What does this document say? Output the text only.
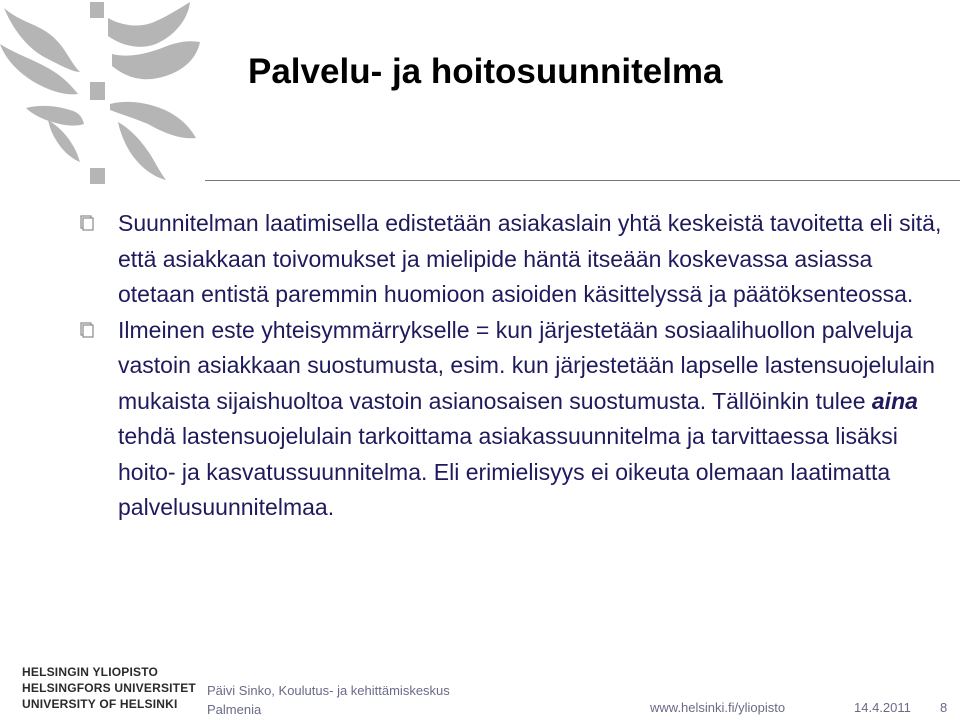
Palvelu- ja hoitosuunnitelma
Suunnitelman laatimisella edistetään asiakaslain yhtä keskeistä tavoitetta eli sitä, että asiakkaan toivomukset ja mielipide häntä itseään koskevassa asiassa otetaan entistä paremmin huomioon asioiden käsittelyssä ja päätöksenteossa.
Ilmeinen este yhteisymmärrykselle = kun järjestetään sosiaalihuollon palveluja vastoin asiakkaan suostumusta, esim. kun järjestetään lapselle lastensuojelulain mukaista sijaishuoltoa vastoin asianosaisen suostumusta. Tällöinkin tulee aina tehdä lastensuojelulain tarkoittama asiakassuunnitelma ja tarvittaessa lisäksi hoito- ja kasvatussuunnitelma. Eli erimielisyys ei oikeuta olemaan laatimatta palvelusuunnitelmaa.
HELSINGIN YLIOPISTO
HELSINGFORS UNIVERSITET
UNIVERSITY OF HELSINKI
Päivi Sinko, Koulutus- ja kehittämiskeskus
Palmenia	www.helsinki.fi/yliopisto	14.4.2011 8
